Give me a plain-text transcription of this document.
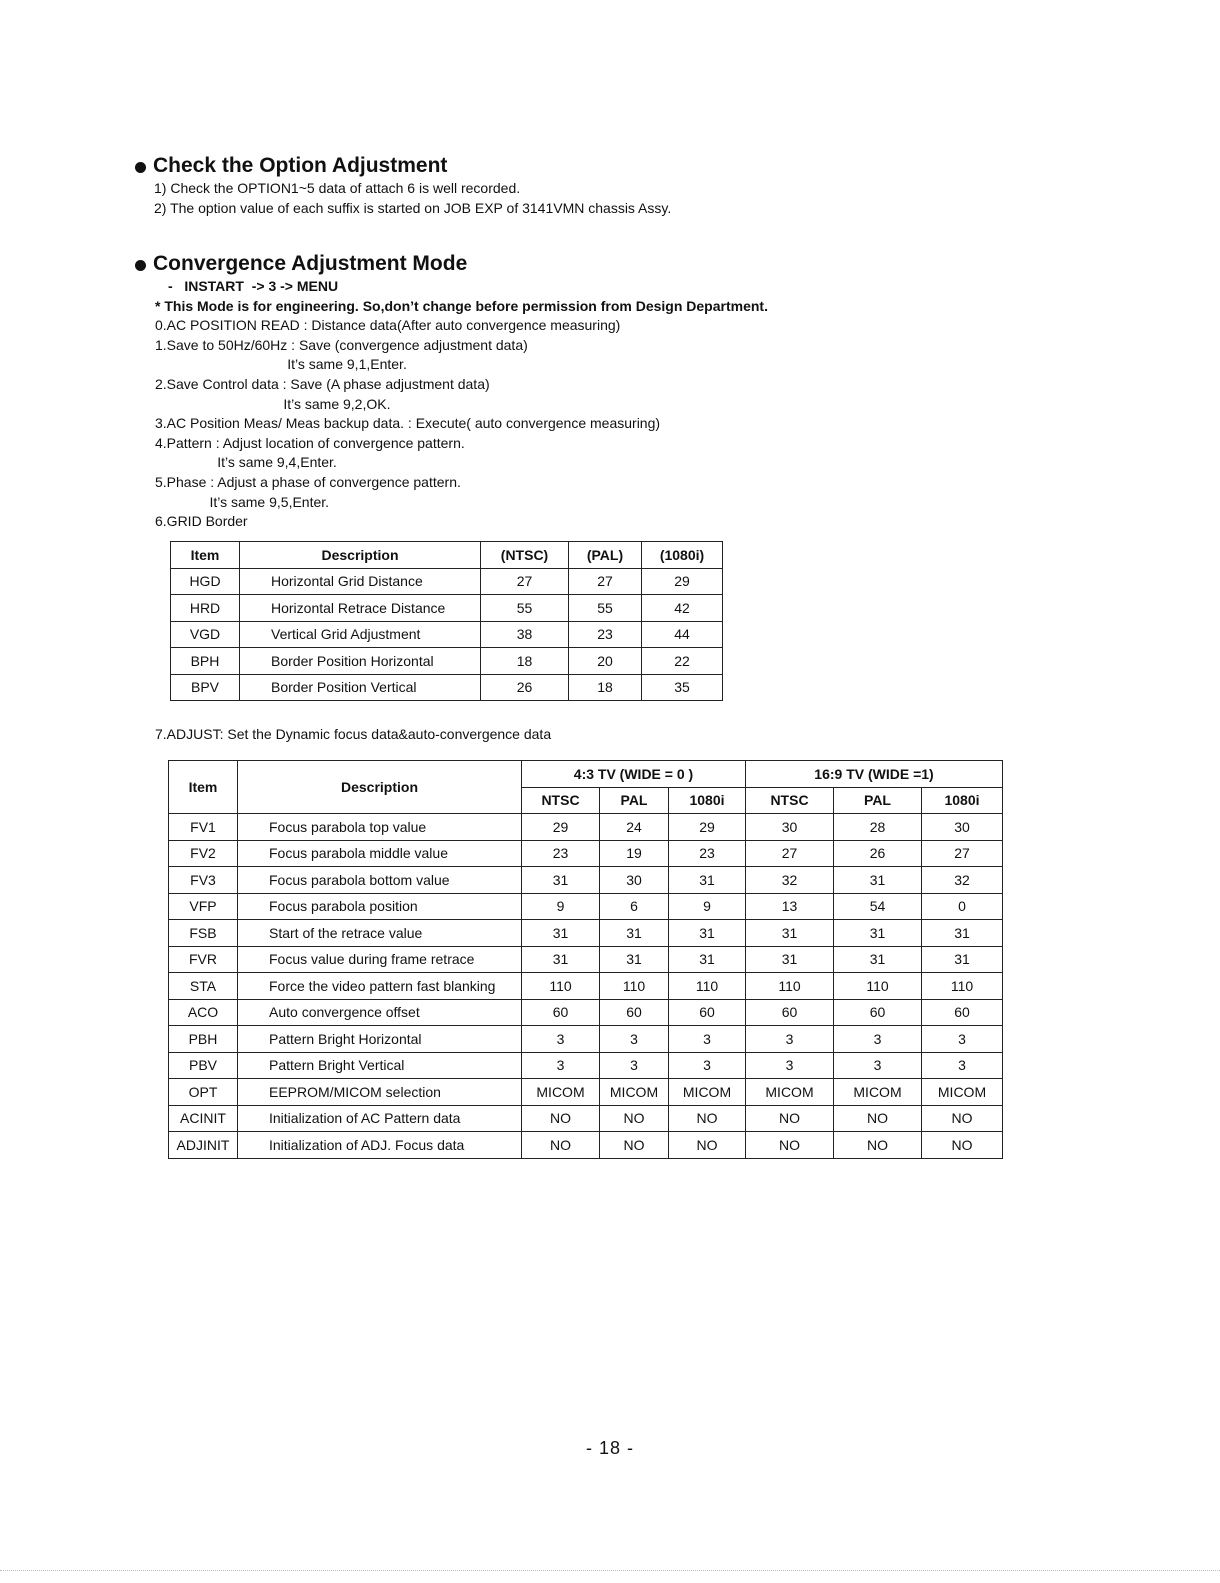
Check the Option Adjustment
1) Check the OPTION1~5 data of attach 6 is well recorded.
2) The option value of each suffix is started on JOB EXP of 3141VMN chassis Assy.
Convergence Adjustment Mode
-   INSTART  -> 3 -> MENU
* This Mode is for engineering. So,don’t change before permission from Design Department.
0.AC POSITION READ : Distance data(After auto convergence measuring)
1.Save to 50Hz/60Hz : Save (convergence adjustment data)
It’s same 9,1,Enter.
2.Save Control data : Save (A phase adjustment data)
It’s same 9,2,OK.
3.AC Position Meas/ Meas backup data. : Execute( auto convergence measuring)
4.Pattern : Adjust location of convergence pattern.
It’s same 9,4,Enter.
5.Phase : Adjust a phase of convergence pattern.
It’s same 9,5,Enter.
6.GRID Border
Item	Description	(NTSC)	(PAL)	(1080i)
HGD	Horizontal Grid Distance	27	27	29
HRD	Horizontal Retrace Distance	55	55	42
VGD	Vertical Grid Adjustment	38	23	44
BPH	Border Position Horizontal	18	20	22
BPV	Border Position Vertical	26	18	35
7.ADJUST: Set the Dynamic focus data&auto-convergence data
Item	Description	4:3 TV (WIDE = 0 )			16:9 TV (WIDE =1)		
		NTSC	PAL	1080i	NTSC	PAL	1080i
FV1	Focus parabola top value	29	24	29	30	28	30
FV2	Focus parabola middle value	23	19	23	27	26	27
FV3	Focus parabola bottom value	31	30	31	32	31	32
VFP	Focus parabola position	9	6	9	13	54	0
FSB	Start of the retrace value	31	31	31	31	31	31
FVR	Focus value during frame retrace	31	31	31	31	31	31
STA	Force the video pattern fast blanking	110	110	110	110	110	110
ACO	Auto convergence offset	60	60	60	60	60	60
PBH	Pattern Bright Horizontal	3	3	3	3	3	3
PBV	Pattern Bright Vertical	3	3	3	3	3	3
OPT	EEPROM/MICOM selection	MICOM	MICOM	MICOM	MICOM	MICOM	MICOM
ACINIT	Initialization of AC Pattern data	NO	NO	NO	NO	NO	NO
ADJINIT	Initialization of ADJ. Focus data	NO	NO	NO	NO	NO	NO
- 18 -
